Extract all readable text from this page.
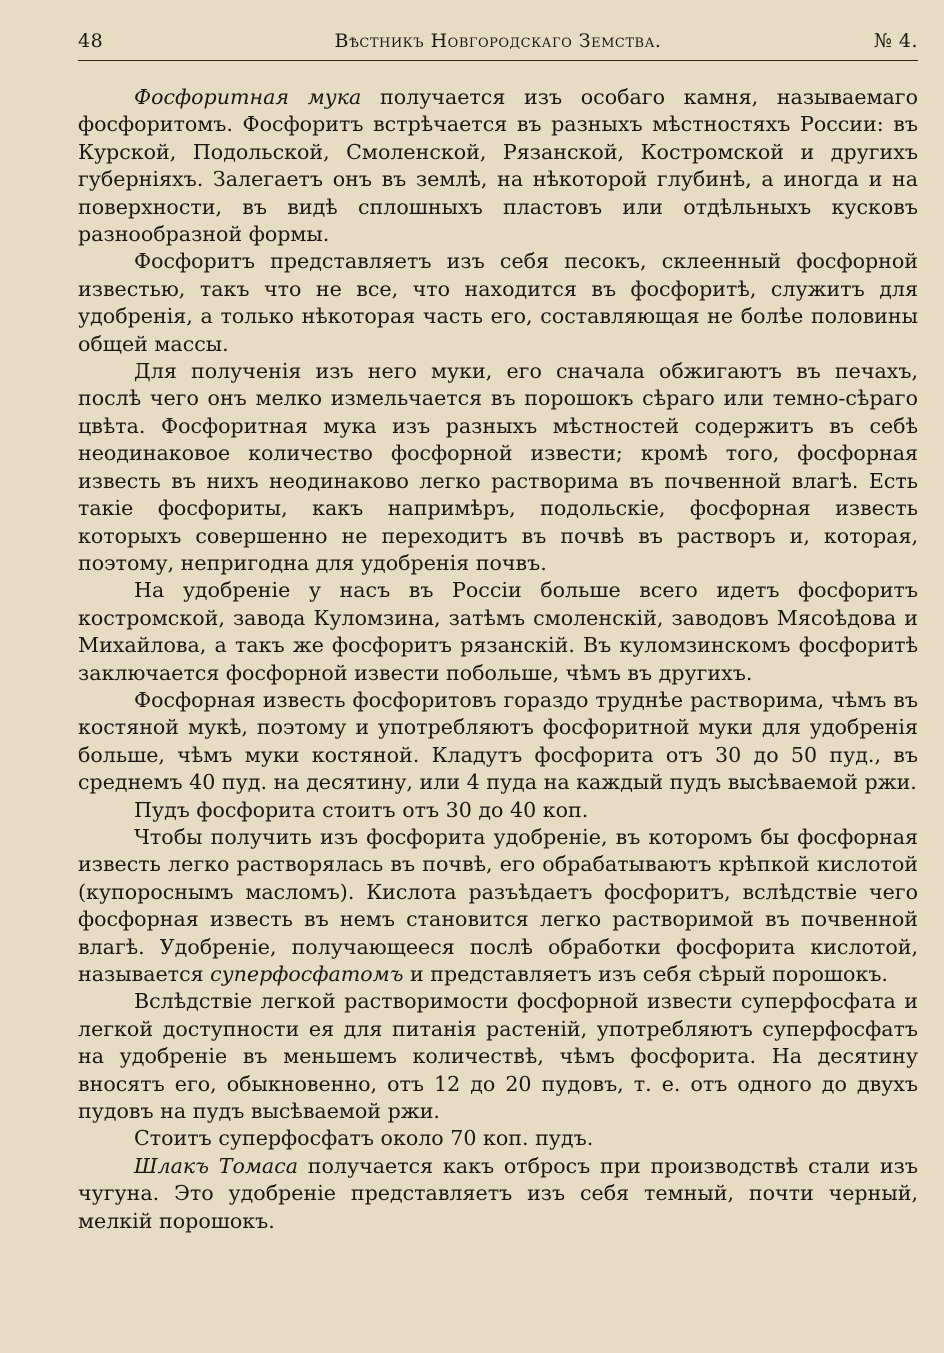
48	Вѣстникъ Новгородскаго Земства.	№ 4.

Фосфоритная мука получается изъ особаго камня, называемаго фосфоритомъ. Фосфоритъ встрѣчается въ разныхъ мѣстностяхъ России: въ Курской, Подольской, Смоленской, Рязанской, Костромской и другихъ губерніяхъ. Залегаетъ онъ въ землѣ, на нѣкоторой глубинѣ, а иногда и на поверхности, въ видѣ сплошныхъ пластовъ или отдѣльныхъ кусковъ разнообразной формы.

Фосфоритъ представляетъ изъ себя песокъ, склеенный фосфорной известью, такъ что не все, что находится въ фосфоритѣ, служитъ для удобренія, а только нѣкоторая часть его, составляющая не болѣе половины общей массы.

Для полученія изъ него муки, его сначала обжигаютъ въ печахъ, послѣ чего онъ мелко измельчается въ порошокъ сѣраго или темно-сѣраго цвѣта. Фосфоритная мука изъ разныхъ мѣстностей содержитъ въ себѣ неодинаковое количество фосфорной извести; кромѣ того, фосфорная известь въ нихъ неодинаково легко растворима въ почвенной влагѣ. Есть такіе фосфориты, какъ напримѣръ, подольскіе, фосфорная известь которыхъ совершенно не переходитъ въ почвѣ въ растворъ и, которая, поэтому, непригодна для удобренія почвъ.

На удобреніе у насъ въ Россіи больше всего идетъ фосфоритъ костромской, завода Куломзина, затѣмъ смоленскій, заводовъ Мясоѣдова и Михайлова, а такъ же фосфоритъ рязанскій. Въ куломзинскомъ фосфоритѣ заключается фосфорной извести побольше, чѣмъ въ другихъ.

Фосфорная известь фосфоритовъ гораздо труднѣе растворима, чѣмъ въ костяной мукѣ, поэтому и употребляютъ фосфоритной муки для удобренія больше, чѣмъ муки костяной. Кладутъ фосфорита отъ 30 до 50 пуд., въ среднемъ 40 пуд. на десятину, или 4 пуда на каждый пудъ высѣваемой ржи.

Пудъ фосфорита стоитъ отъ 30 до 40 коп.

Чтобы получить изъ фосфорита удобреніе, въ которомъ бы фосфорная известь легко растворялась въ почвѣ, его обрабатываютъ крѣпкой кислотой (купороснымъ масломъ). Кислота разъѣдаетъ фосфоритъ, вслѣдствіе чего фосфорная известь въ немъ становится легко растворимой въ почвенной влагѣ. Удобреніе, получающееся послѣ обработки фосфорита кислотой, называется суперфосфатомъ и представляетъ изъ себя сѣрый порошокъ.

Вслѣдствіе легкой растворимости фосфорной извести суперфосфата и легкой доступности ея для питанія растеній, употребляютъ суперфосфатъ на удобреніе въ меньшемъ количествѣ, чѣмъ фосфорита. На десятину вносятъ его, обыкновенно, отъ 12 до 20 пудовъ, т. е. отъ одного до двухъ пудовъ на пудъ высѣваемой ржи.

Стоитъ суперфосфатъ около 70 коп. пудъ.

Шлакъ Томаса получается какъ отбросъ при производствѣ стали изъ чугуна. Это удобреніе представляетъ изъ себя темный, почти черный, мелкій порошокъ.
